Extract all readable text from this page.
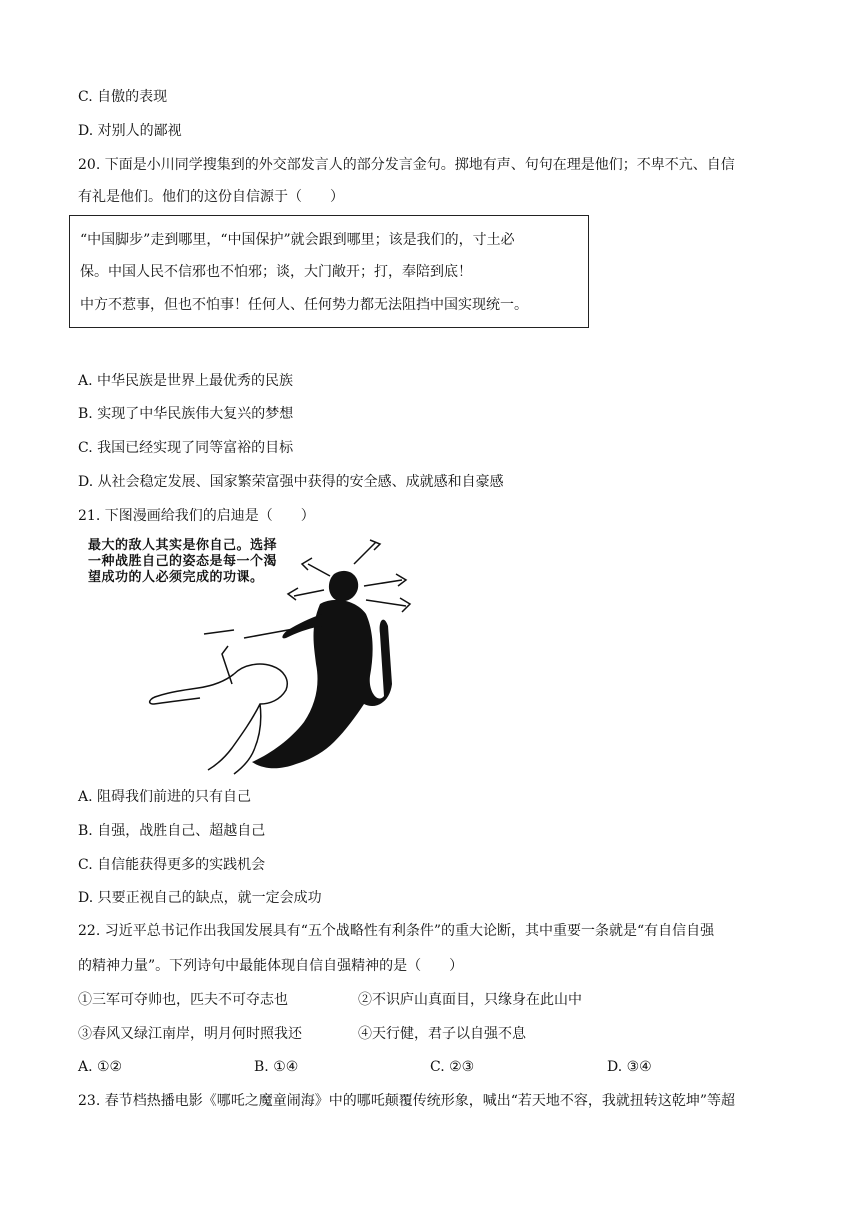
C. 自傲的表现
D. 对别人的鄙视
20. 下面是小川同学搜集到的外交部发言人的部分发言金句。掷地有声、句句在理是他们；不卑不亢、自信
有礼是他们。他们的这份自信源于（　　）
“中国脚步”走到哪里，“中国保护”就会跟到哪里；该是我们的，寸土必
保。中国人民不信邪也不怕邪；谈，大门敞开；打，奉陪到底！
中方不惹事，但也不怕事！任何人、任何势力都无法阻挡中国实现统一。
A. 中华民族是世界上最优秀的民族
B. 实现了中华民族伟大复兴的梦想
C. 我国已经实现了同等富裕的目标
D. 从社会稳定发展、国家繁荣富强中获得的安全感、成就感和自豪感
21. 下图漫画给我们的启迪是（　　）
最大的敌人其实是你自己。选择一种战胜自己的姿态是每一个渴望成功的人必须完成的功课。
A. 阻碍我们前进的只有自己
B. 自强，战胜自己、超越自己
C. 自信能获得更多的实践机会
D. 只要正视自己的缺点，就一定会成功
22. 习近平总书记作出我国发展具有“五个战略性有利条件”的重大论断，其中重要一条就是“有自信自强
的精神力量”。下列诗句中最能体现自信自强精神的是（　　）
①三军可夺帅也，匹夫不可夺志也	②不识庐山真面目，只缘身在此山中
③春风又绿江南岸，明月何时照我还	④天行健，君子以自强不息
A. ①②	B. ①④	C. ②③	D. ③④
23. 春节档热播电影《哪吒之魔童闹海》中的哪吒颠覆传统形象，喊出“若天地不容，我就扭转这乾坤”等超
